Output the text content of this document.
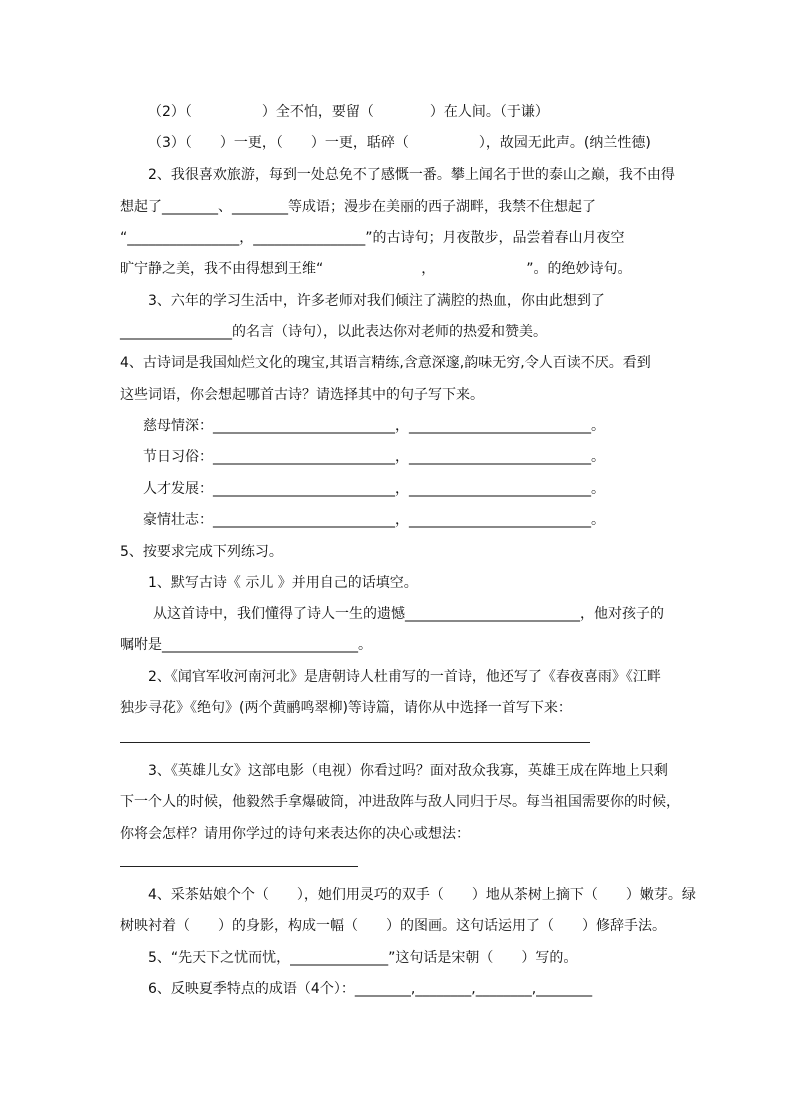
（2）（　　　　　）全不怕，要留（　　　　）在人间。（于谦）
（3）（　　）一更，（　　）一更，聒碎（　　　　　），故园无此声。(纳兰性德)
2、我很喜欢旅游，每到一处总免不了感慨一番。攀上闻名于世的泰山之巅，我不由得
想起了________、________等成语；漫步在美丽的西子湖畔，我禁不住想起了
“________________，________________”的古诗句；月夜散步，品尝着春山月夜空
旷宁静之美，我不由得想到王维“　　　　　　　，　　　　　　　”。的绝妙诗句。
3、六年的学习生活中，许多老师对我们倾注了满腔的热血，你由此想到了
________________的名言（诗句），以此表达你对老师的热爱和赞美。
4、古诗词是我国灿烂文化的瑰宝,其语言精练,含意深邃,韵味无穷,令人百读不厌。看到
这些词语，你会想起哪首古诗？请选择其中的句子写下来。
慈母情深：__________________________，__________________________。
节日习俗：__________________________，__________________________。
人才发展：__________________________，__________________________。
豪情壮志：__________________________，__________________________。
5、按要求完成下列练习。
1、默写古诗《 示儿 》并用自己的话填空。
从这首诗中，我们懂得了诗人一生的遗憾_________________________，他对孩子的
嘱咐是____________________________。
2、《闻官军收河南河北》是唐朝诗人杜甫写的一首诗，他还写了《春夜喜雨》《江畔
独步寻花》《绝句》(两个黄鹂鸣翠柳)等诗篇，请你从中选择一首写下来：
3、《英雄儿女》这部电影（电视）你看过吗？面对敌众我寡，英雄王成在阵地上只剩
下一个人的时候，他毅然手拿爆破筒，冲进敌阵与敌人同归于尽。每当祖国需要你的时候，
你将会怎样？请用你学过的诗句来表达你的决心或想法：
4、采茶姑娘个个（　　），她们用灵巧的双手（　　）地从茶树上摘下（　　）嫩芽。绿
树映衬着（　　）的身影，构成一幅（　　）的图画。这句话运用了（　　）修辞手法。
5、“先天下之忧而忧，______________”这句话是宋朝（　　）写的。
6、反映夏季特点的成语（4个）：________,________,________,________
